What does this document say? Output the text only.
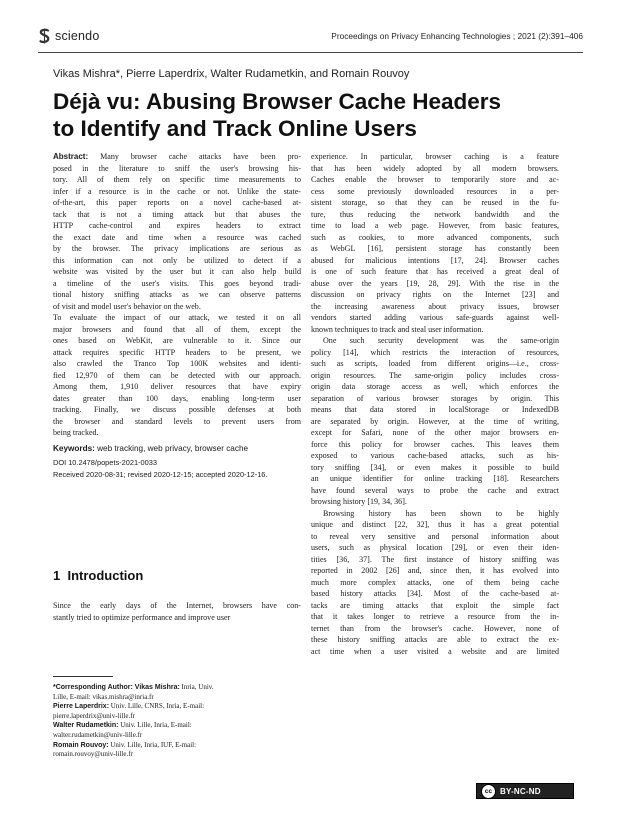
sciendo	Proceedings on Privacy Enhancing Technologies ; 2021 (2):391–406
Vikas Mishra*, Pierre Laperdrix, Walter Rudametkin, and Romain Rouvoy
Déjà vu: Abusing Browser Cache Headers
to Identify and Track Online Users
Abstract: Many browser cache attacks have been pro-
posed in the literature to sniff the user's browsing his-
tory. All of them rely on specific time measurements to
infer if a resource is in the cache or not. Unlike the state-
of-the-art, this paper reports on a novel cache-based at-
tack that is not a timing attack but that abuses the
HTTP cache-control and expires headers to extract
the exact date and time when a resource was cached
by the browser. The privacy implications are serious as
this information can not only be utilized to detect if a
website was visited by the user but it can also help build
a timeline of the user's visits. This goes beyond tradi-
tional history sniffing attacks as we can observe patterns
of visit and model user's behavior on the web.
To evaluate the impact of our attack, we tested it on all
major browsers and found that all of them, except the
ones based on WebKit, are vulnerable to it. Since our
attack requires specific HTTP headers to be present, we
also crawled the Tranco Top 100K websites and identi-
fied 12,970 of them can be detected with our approach.
Among them, 1,910 deliver resources that have expiry
dates greater than 100 days, enabling long-term user
tracking. Finally, we discuss possible defenses at both
the browser and standard levels to prevent users from
being tracked.
Keywords: web tracking, web privacy, browser cache
DOI 10.2478/popets-2021-0033
Received 2020-08-31; revised 2020-12-15; accepted 2020-12-16.
1 Introduction
Since the early days of the Internet, browsers have con-
stantly tried to optimize performance and improve user
*Corresponding Author: Vikas Mishra: Inria, Univ.
Lille, E-mail: vikas.mishra@inria.fr
Pierre Laperdrix: Univ. Lille, CNRS, Inria, E-mail:
pierre.laperdrix@univ-lille.fr
Walter Rudametkin: Univ. Lille, Inria, E-mail:
walter.rudametkin@univ-lille.fr
Romain Rouvoy: Univ. Lille, Inria, IUF, E-mail:
romain.rouvoy@univ-lille.fr
experience. In particular, browser caching is a feature
that has been widely adopted by all modern browsers.
Caches enable the browser to temporarily store and ac-
cess some previously downloaded resources in a per-
sistent storage, so that they can be reused in the fu-
ture, thus reducing the network bandwidth and the
time to load a web page. However, from basic features,
such as cookies, to more advanced components, such
as WebGL [16], persistent storage has constantly been
abused for malicious intentions [17, 24]. Browser caches
is one of such feature that has received a great deal of
abuse over the years [19, 28, 29]. With the rise in the
discussion on privacy rights on the Internet [23] and
the increasing awareness about privacy issues, browser
vendors started adding various safe-guards against well-
known techniques to track and steal user information.
One such security development was the same-origin
policy [14], which restricts the interaction of resources,
such as scripts, loaded from different origins—i.e., cross-
origin resources. The same-origin policy includes cross-
origin data storage access as well, which enforces the
separation of various browser storages by origin. This
means that data stored in localStorage or IndexedDB
are separated by origin. However, at the time of writing,
except for Safari, none of the other major browsers en-
force this policy for browser caches. This leaves them
exposed to various cache-based attacks, such as his-
tory sniffing [34], or even makes it possible to build
an unique identifier for online tracking [18]. Researchers
have found several ways to probe the cache and extract
browsing history [19, 34, 36].
Browsing history has been shown to be highly
unique and distinct [22, 32], thus it has a great potential
to reveal very sensitive and personal information about
users, such as physical location [29], or even their iden-
tities [36, 37]. The first instance of history sniffing was
reported in 2002 [26] and, since then, it has evolved into
much more complex attacks, one of them being cache
based history attacks [34]. Most of the cache-based at-
tacks are timing attacks that exploit the simple fact
that it takes longer to retrieve a resource from the in-
ternet than from the browser's cache. However, none of
these history sniffing attacks are able to extract the ex-
act time when a user visited a website and are limited
cc BY-NC-ND
